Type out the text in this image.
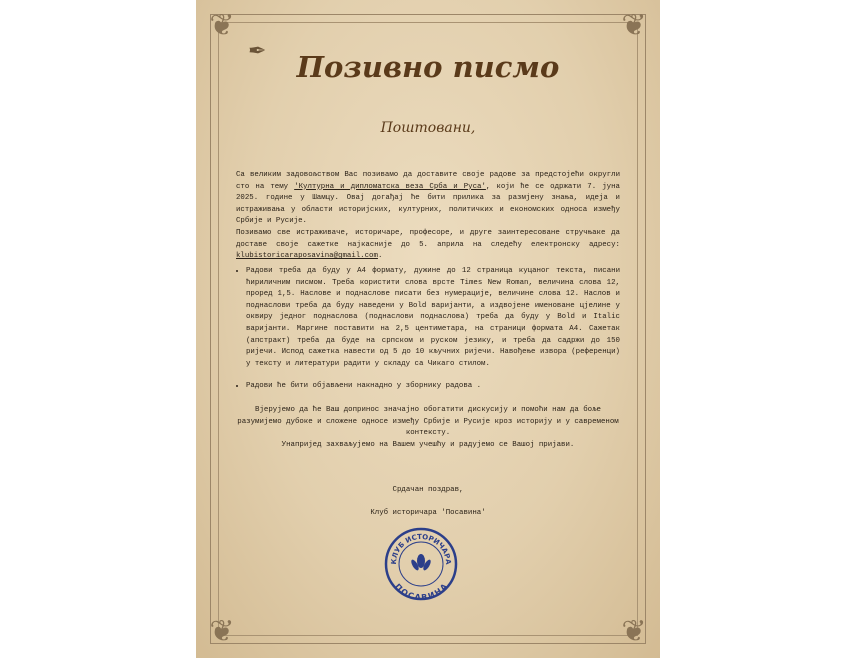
❦	❦
❦	❦
✒	Позивно писмо
Поштовани,
Са великим задовољством Вас позивамо да доставите своје радове за предстојећи округли сто на тему 'Културна и дипломатска веза Срба и Руса', који ће се одржати 7. јуна 2025. године у Шамцу. Овај догађај ће бити прилика за размјену знања, идеја и истраживања у области историјских, културних, политичких и економских односа између Србије и Русије.
Позивамо све истраживаче, историчаре, професоре, и друге заинтересоване стручњаке да доставе своје сажетке најкасније до 5. априла на следећу електронску адресу: klubistoricaraposavina@gmail.com.
• Радови треба да буду у А4 формату, дужине до 12 страница куцаног текста, писани ћириличним писмом. Треба користити слова врсте Times New Roman, величина слова 12, проред 1,5. Наслове и поднаслове писати без нумерације, величине слова 12. Наслов и поднаслови треба да буду наведени у Bold варијанти, а издвојене именоване цјелине у оквиру једног поднаслова (поднаслови поднаслова) треба да буду у Bold и Italic варијанти. Маргине поставити на 2,5 центиметара, на страници формата А4. Сажетак (апстракт) треба да буде на српском и руском језику, и треба да садржи до 150 ријечи. Испод сажетка навести од 5 до 10 кључних ријечи. Навођење извора (референци) у тексту и литератури радити у складу са Чикаго стилом.
• Радови ће бити објављени накнадно у зборнику радова .
Вјерујемо да ће Ваш допринос значајно обогатити дискусију и помоћи нам да боље разумијемо дубоке и сложене односе између Србије и Русије кроз историју и у савременом контексту.
Унапријед захваљујемо на Вашем учешћу и радујемо се Вашој пријави.
Срдачан поздрав,
Клуб историчара 'Посавина'
КЛУБ ИСТОРИЧАРА
ПОСАВИНА
